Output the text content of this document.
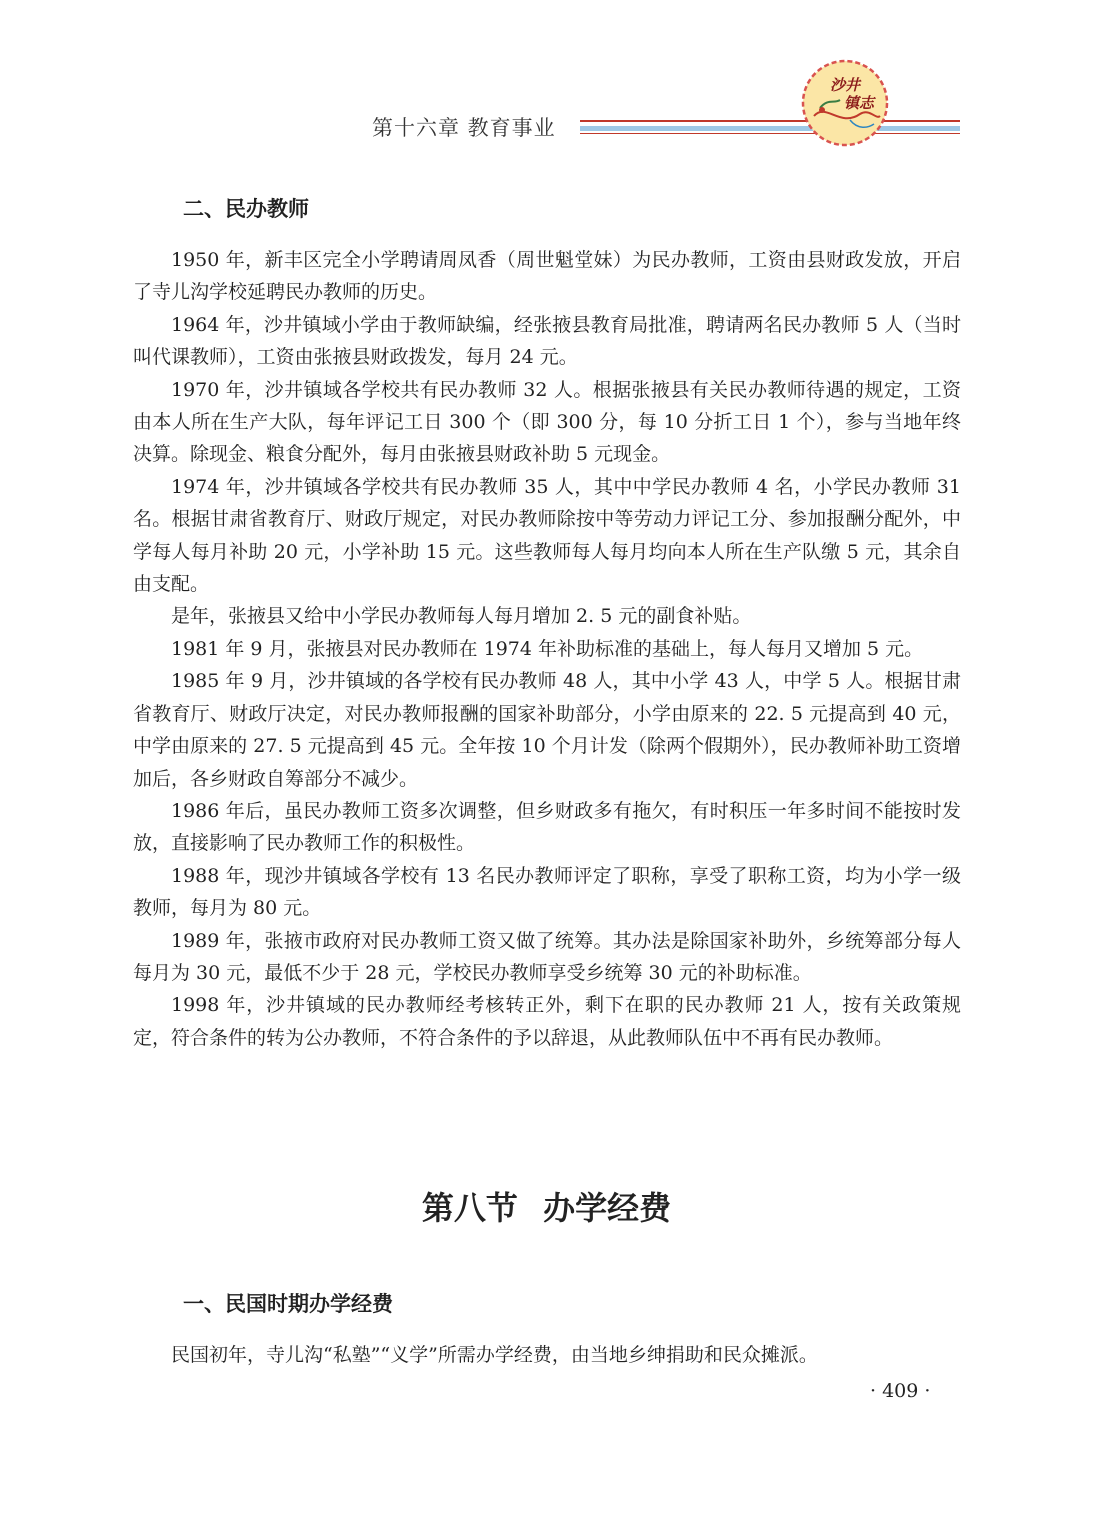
第十六章 教育事业
沙井
镇志
二、民办教师

1950 年，新丰区完全小学聘请周凤香（周世魁堂妹）为民办教师，工资由县财政发放，开启了寺儿沟学校延聘民办教师的历史。

1964 年，沙井镇域小学由于教师缺编，经张掖县教育局批准，聘请两名民办教师 5 人（当时叫代课教师），工资由张掖县财政拨发，每月 24 元。

1970 年，沙井镇域各学校共有民办教师 32 人。根据张掖县有关民办教师待遇的规定，工资由本人所在生产大队，每年评记工日 300 个（即 300 分，每 10 分折工日 1 个），参与当地年终决算。除现金、粮食分配外，每月由张掖县财政补助 5 元现金。

1974 年，沙井镇域各学校共有民办教师 35 人，其中中学民办教师 4 名，小学民办教师 31 名。根据甘肃省教育厅、财政厅规定，对民办教师除按中等劳动力评记工分、参加报酬分配外，中学每人每月补助 20 元，小学补助 15 元。这些教师每人每月均向本人所在生产队缴 5 元，其余自由支配。

是年，张掖县又给中小学民办教师每人每月增加 2. 5 元的副食补贴。

1981 年 9 月，张掖县对民办教师在 1974 年补助标准的基础上，每人每月又增加 5 元。

1985 年 9 月，沙井镇域的各学校有民办教师 48 人，其中小学 43 人，中学 5 人。根据甘肃省教育厅、财政厅决定，对民办教师报酬的国家补助部分，小学由原来的 22. 5 元提高到 40 元，中学由原来的 27. 5 元提高到 45 元。全年按 10 个月计发（除两个假期外），民办教师补助工资增加后，各乡财政自筹部分不减少。

1986 年后，虽民办教师工资多次调整，但乡财政多有拖欠，有时积压一年多时间不能按时发放，直接影响了民办教师工作的积极性。

1988 年，现沙井镇域各学校有 13 名民办教师评定了职称，享受了职称工资，均为小学一级教师，每月为 80 元。

1989 年，张掖市政府对民办教师工资又做了统筹。其办法是除国家补助外，乡统筹部分每人每月为 30 元，最低不少于 28 元，学校民办教师享受乡统筹 30 元的补助标准。

1998 年，沙井镇域的民办教师经考核转正外，剩下在职的民办教师 21 人，按有关政策规定，符合条件的转为公办教师，不符合条件的予以辞退，从此教师队伍中不再有民办教师。

第八节 办学经费
一、民国时期办学经费

民国初年，寺儿沟“私塾”“义学”所需办学经费，由当地乡绅捐助和民众摊派。

· 409 ·
